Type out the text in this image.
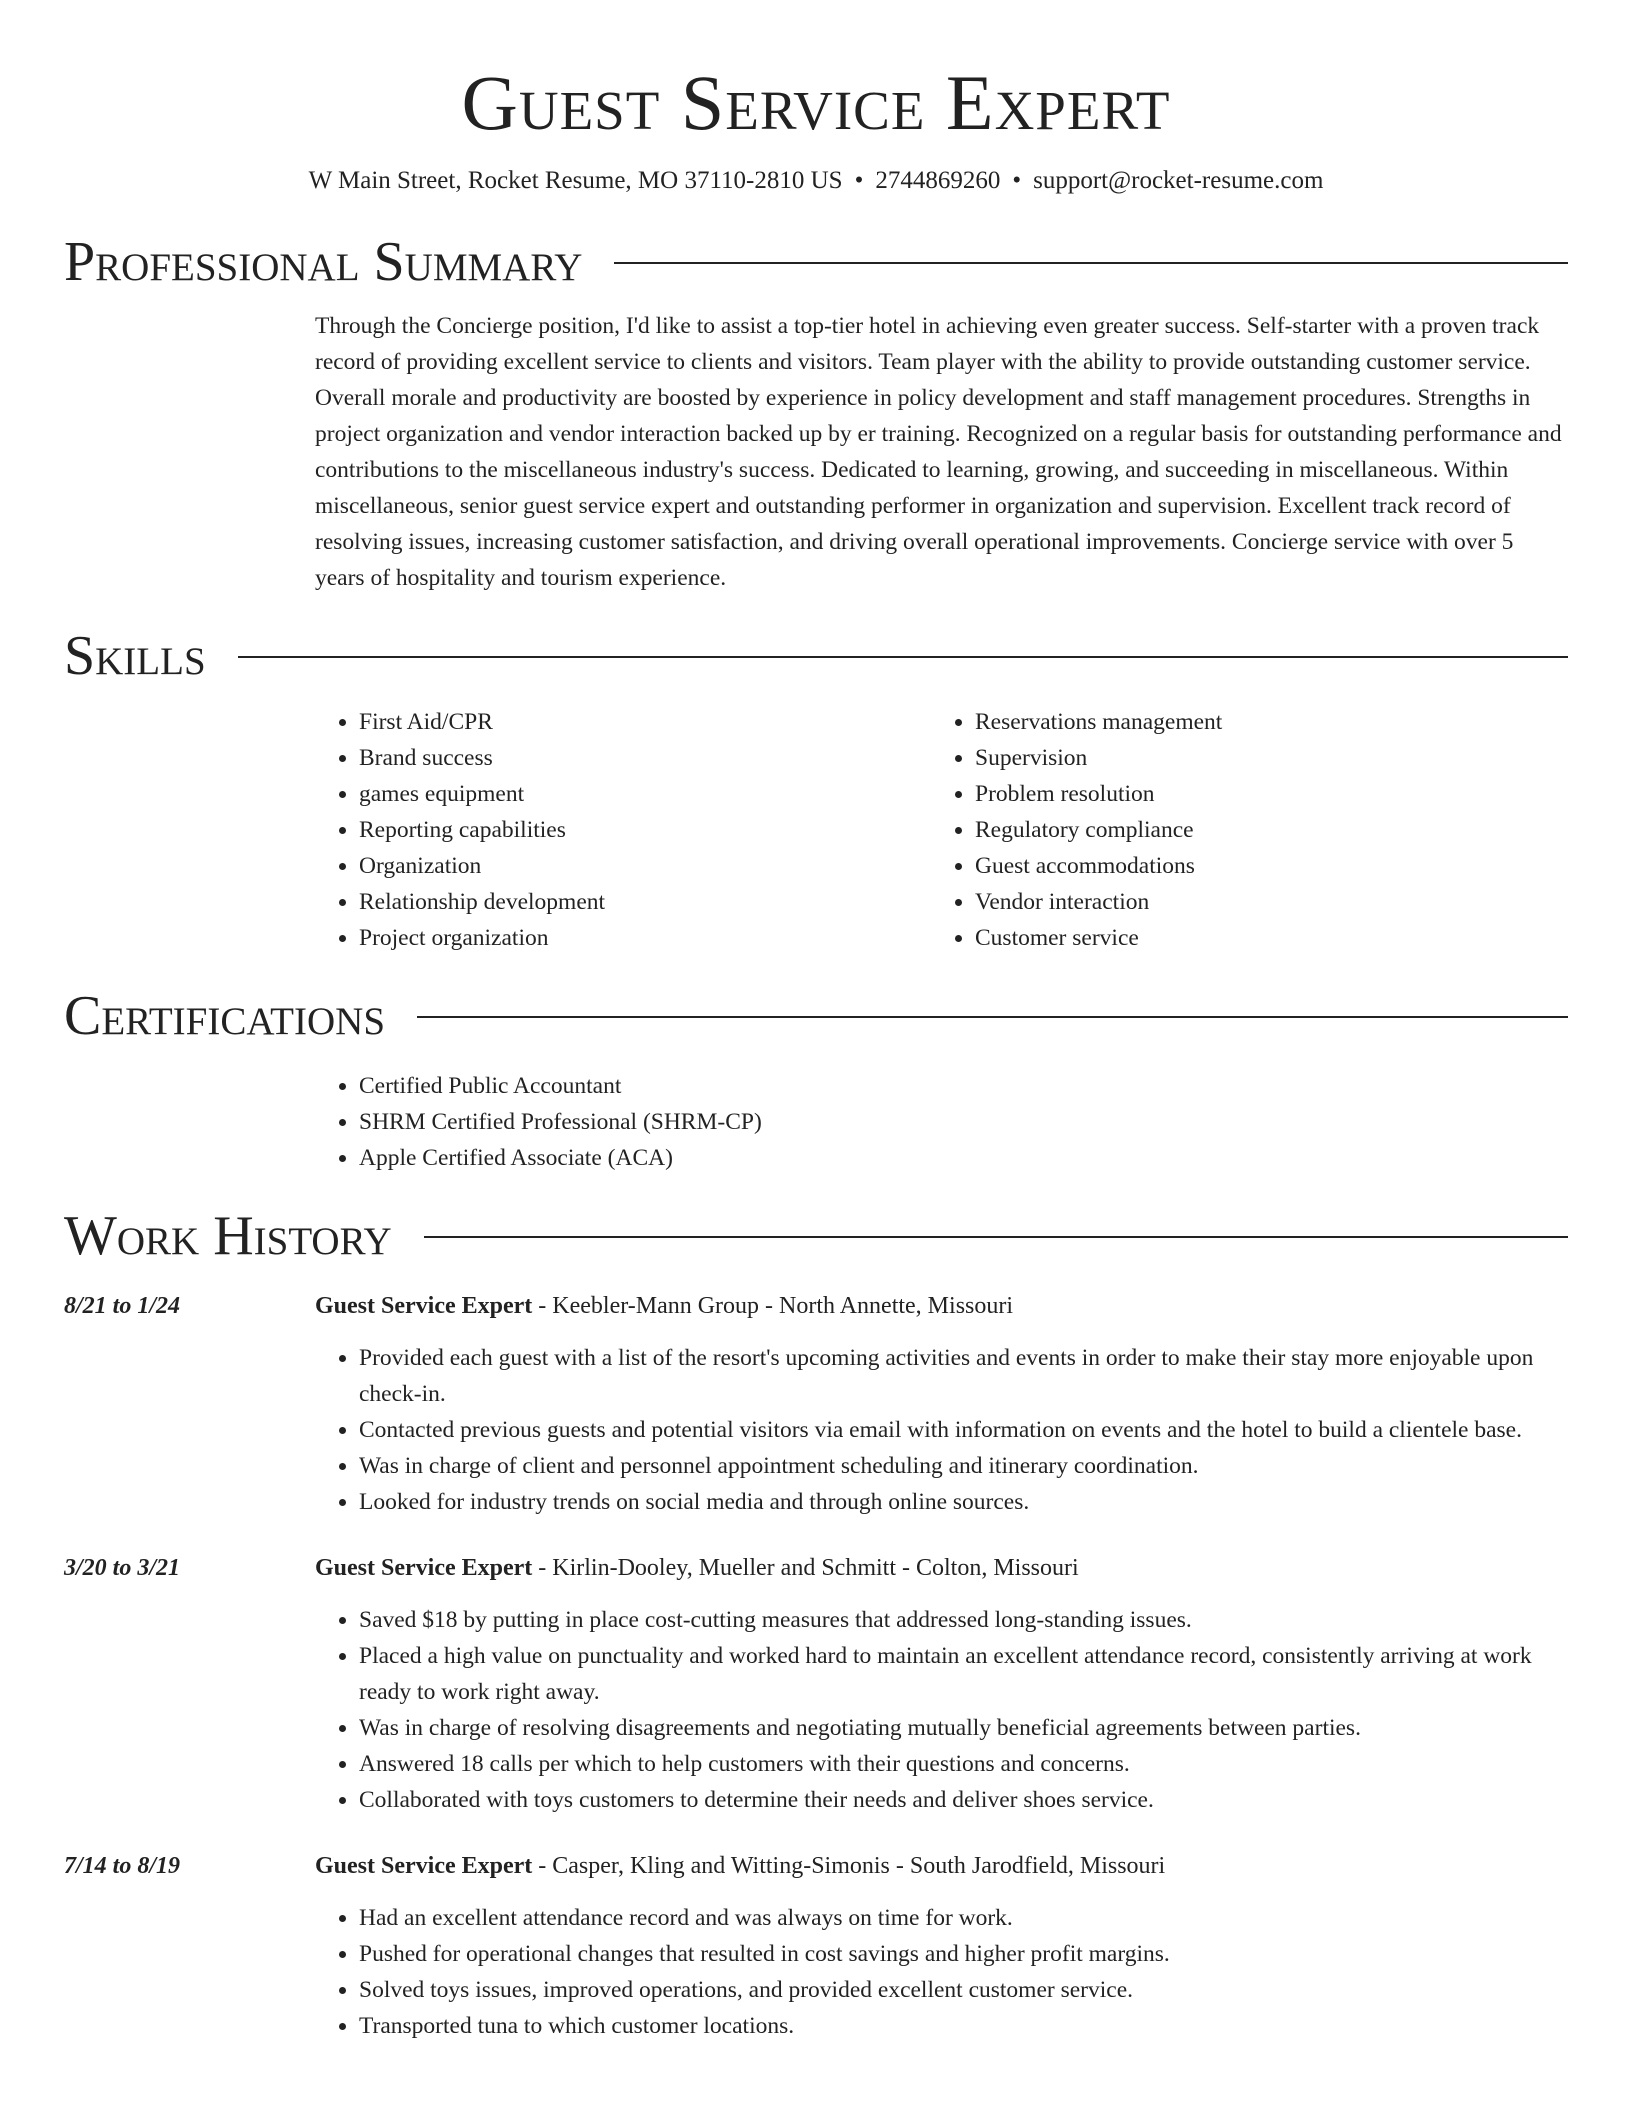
Guest Service Expert
W Main Street, Rocket Resume, MO 37110-2810 US • 2744869260 • support@rocket-resume.com
Professional Summary

Through the Concierge position, I'd like to assist a top-tier hotel in achieving even greater success. Self-starter with a proven track record of providing excellent service to clients and visitors. Team player with the ability to provide outstanding customer service. Overall morale and productivity are boosted by experience in policy development and staff management procedures. Strengths in project organization and vendor interaction backed up by er training. Recognized on a regular basis for outstanding performance and contributions to the miscellaneous industry's success. Dedicated to learning, growing, and succeeding in miscellaneous. Within miscellaneous, senior guest service expert and outstanding performer in organization and supervision. Excellent track record of resolving issues, increasing customer satisfaction, and driving overall operational improvements. Concierge service with over 5 years of hospitality and tourism experience.

Skills
• First Aid/CPR
• Brand success
• games equipment
• Reporting capabilities
• Organization
• Relationship development
• Project organization
• Reservations management
• Supervision
• Problem resolution
• Regulatory compliance
• Guest accommodations
• Vendor interaction
• Customer service
Certifications
• Certified Public Accountant
• SHRM Certified Professional (SHRM-CP)
• Apple Certified Associate (ACA)
Work History
8/21 to 1/24	Guest Service Expert - Keebler-Mann Group - North Annette, Missouri
• Provided each guest with a list of the resort's upcoming activities and events in order to make their stay more enjoyable upon check-in.
• Contacted previous guests and potential visitors via email with information on events and the hotel to build a clientele base.
• Was in charge of client and personnel appointment scheduling and itinerary coordination.
• Looked for industry trends on social media and through online sources.
3/20 to 3/21	Guest Service Expert - Kirlin-Dooley, Mueller and Schmitt - Colton, Missouri
• Saved $18 by putting in place cost-cutting measures that addressed long-standing issues.
• Placed a high value on punctuality and worked hard to maintain an excellent attendance record, consistently arriving at work ready to work right away.
• Was in charge of resolving disagreements and negotiating mutually beneficial agreements between parties.
• Answered 18 calls per which to help customers with their questions and concerns.
• Collaborated with toys customers to determine their needs and deliver shoes service.
7/14 to 8/19	Guest Service Expert - Casper, Kling and Witting-Simonis - South Jarodfield, Missouri
• Had an excellent attendance record and was always on time for work.
• Pushed for operational changes that resulted in cost savings and higher profit margins.
• Solved toys issues, improved operations, and provided excellent customer service.
• Transported tuna to which customer locations.
